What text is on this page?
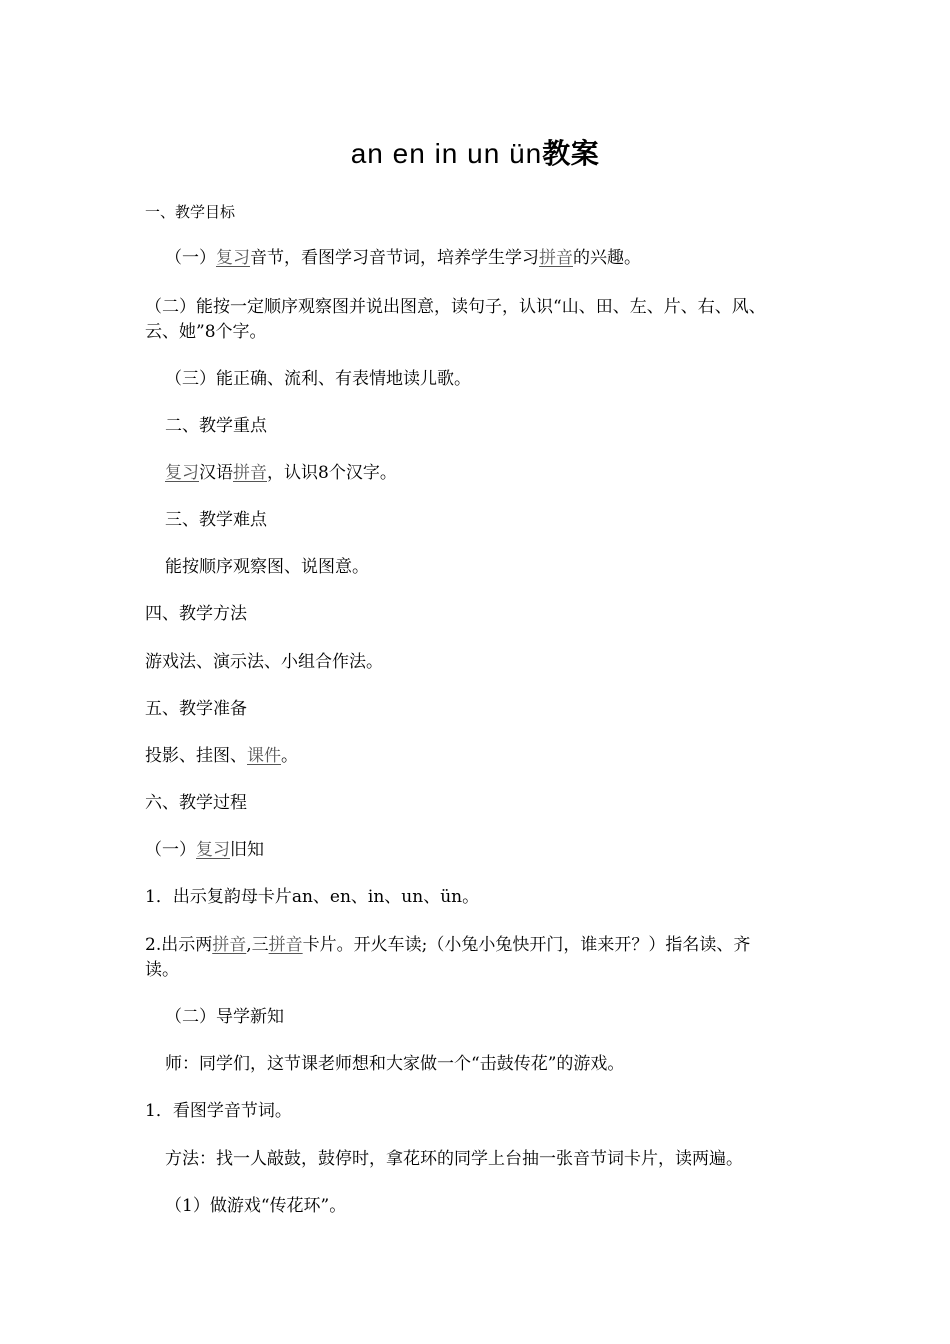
an en in un ün教案
一、教学目标
（一）复习音节，看图学习音节词，培养学生学习拼音的兴趣。
（二）能按一定顺序观察图并说出图意，读句子，认识“山、田、左、片、右、风、
云、她”8个字。
（三）能正确、流利、有表情地读儿歌。
二、教学重点
复习汉语拼音，认识8个汉字。
三、教学难点
能按顺序观察图、说图意。
四、教学方法
游戏法、演示法、小组合作法。
五、教学准备
投影、挂图、课件。
六、教学过程
（一）复习旧知
1．出示复韵母卡片an、en、in、un、ün。
2.出示两拼音,三拼音卡片。开火车读;（小兔小兔快开门，谁来开？）指名读、齐
读。
（二）导学新知
师：同学们，这节课老师想和大家做一个“击鼓传花”的游戏。
1．看图学音节词。
方法：找一人敲鼓，鼓停时，拿花环的同学上台抽一张音节词卡片，读两遍。
（1）做游戏“传花环”。
